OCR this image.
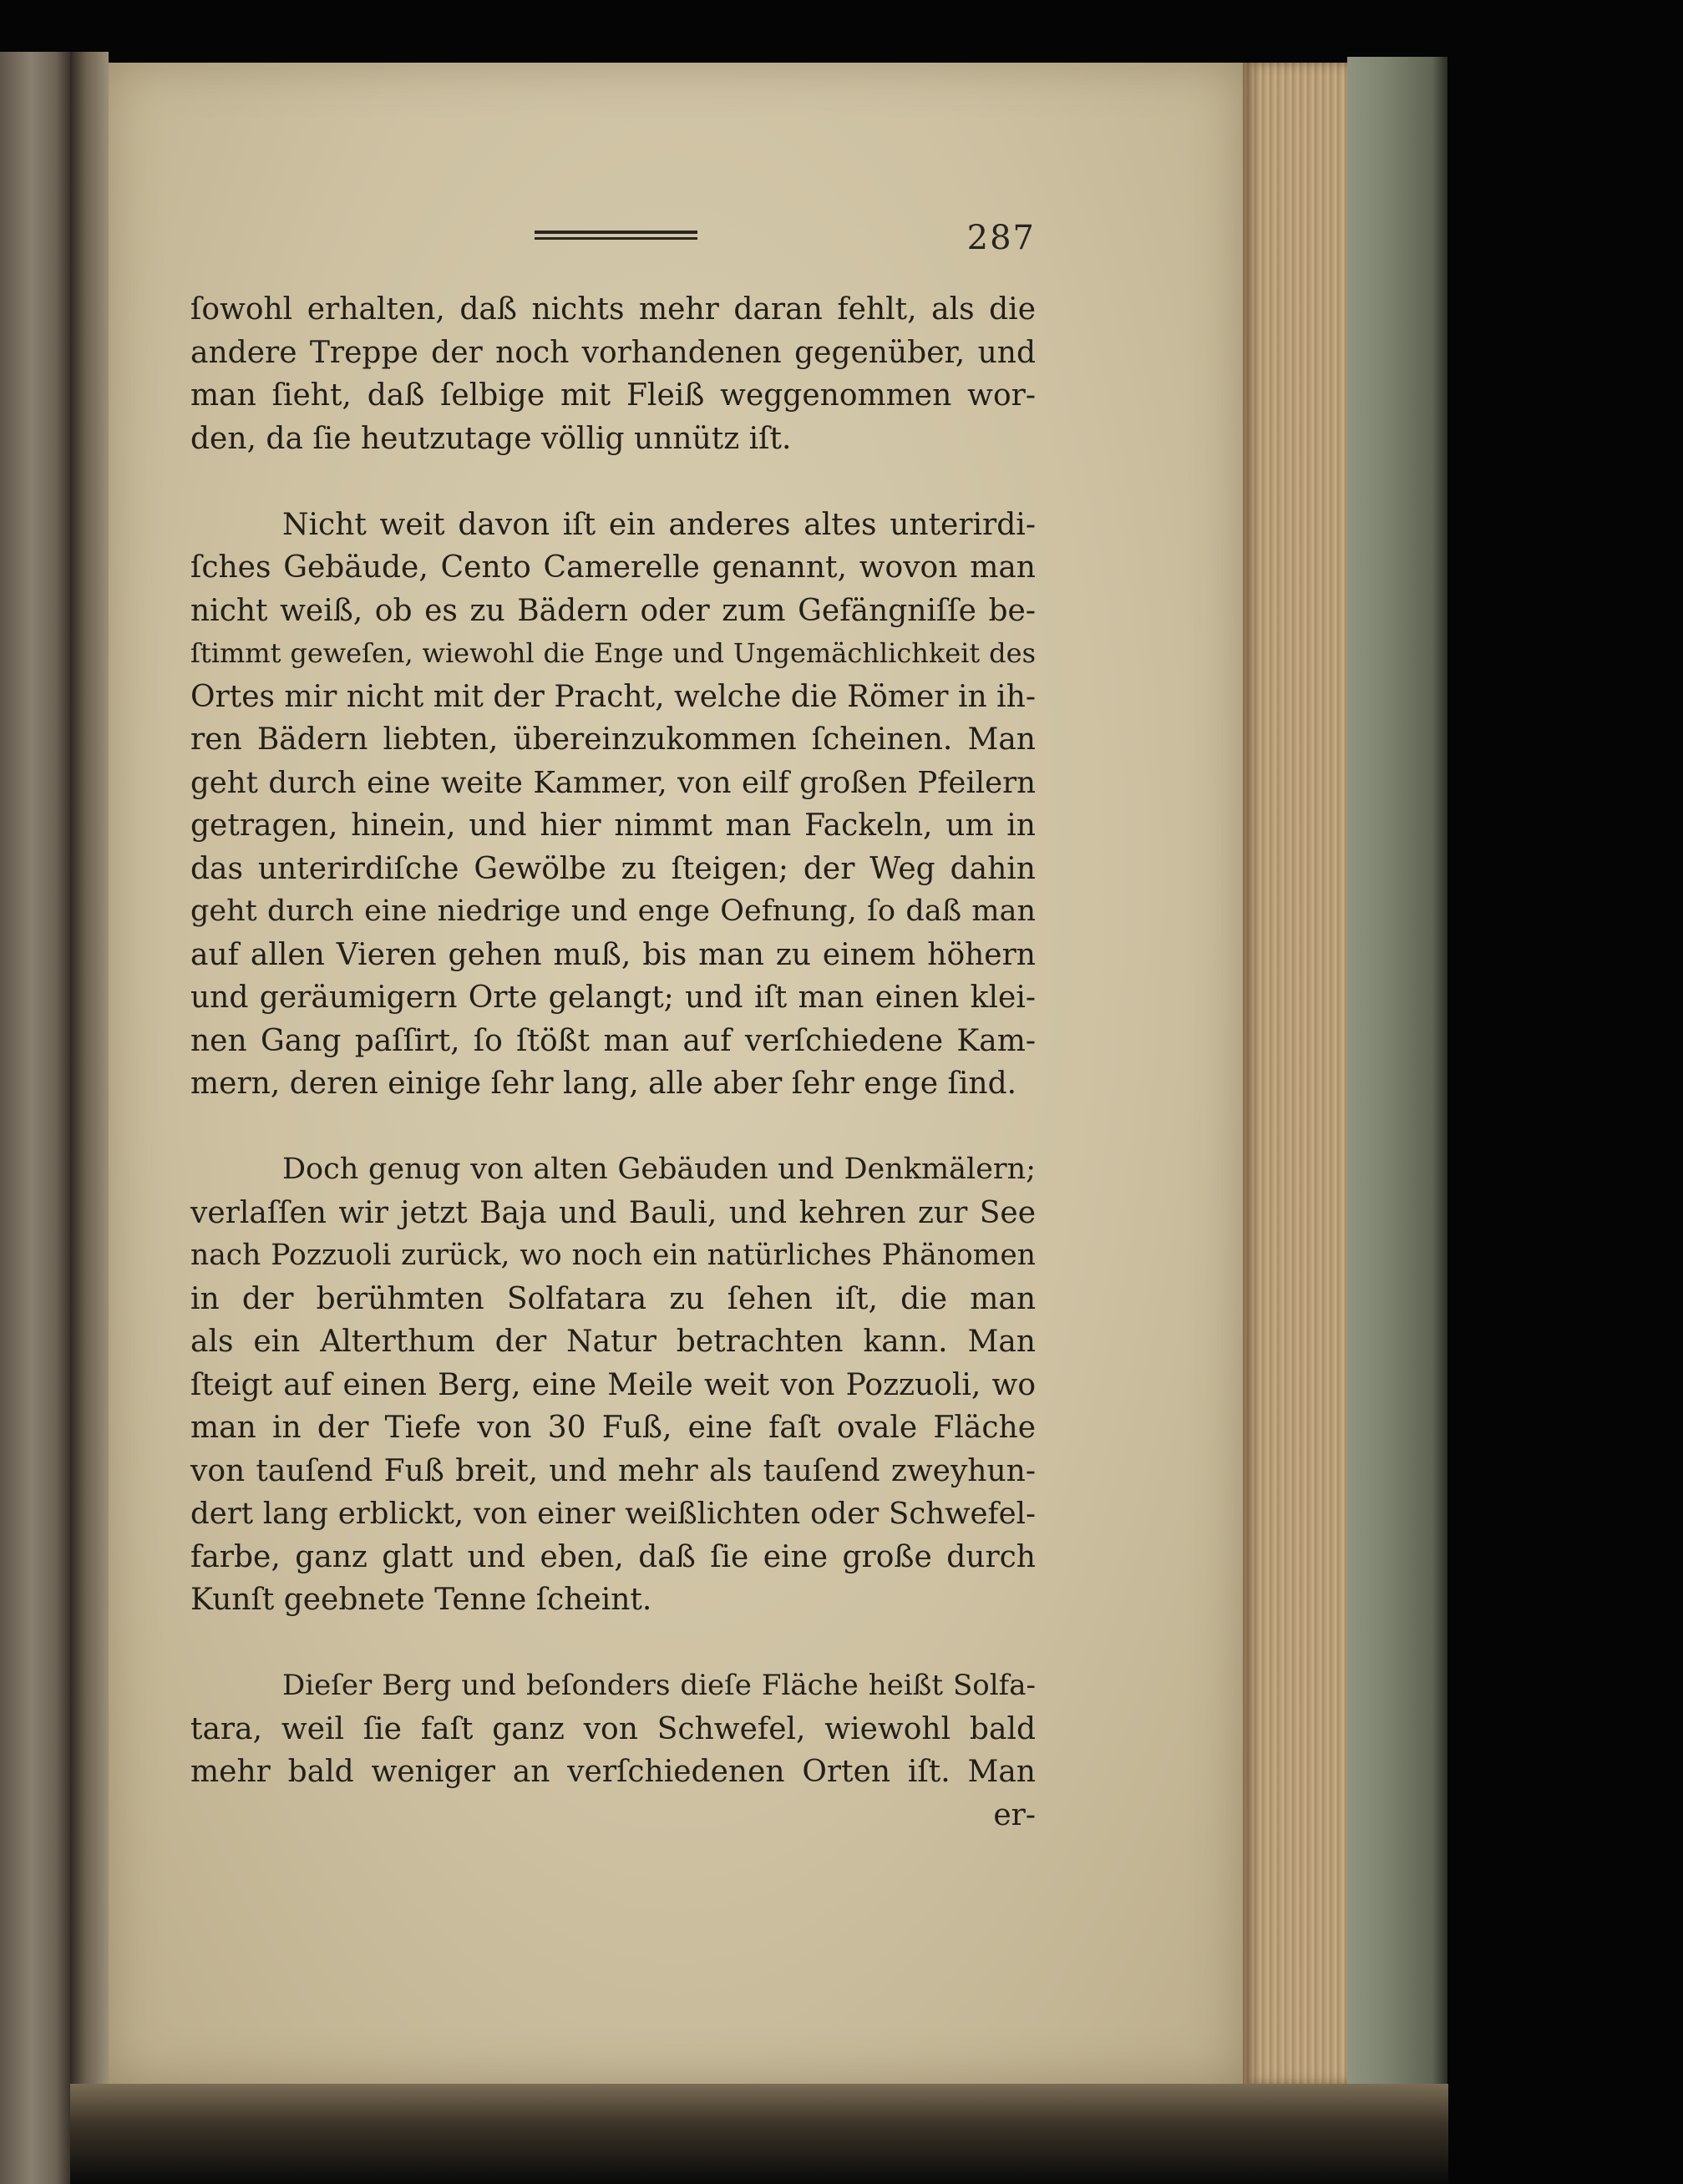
287
ſowohl erhalten, daß nichts mehr daran fehlt, als die
andere Treppe der noch vorhandenen gegenüber, und
man ſieht, daß ſelbige mit Fleiß weggenommen wor‑
den, da ſie heutzutage völlig unnütz iſt.
Nicht weit davon iſt ein anderes altes unterirdi‑
ſches Gebäude, Cento Camerelle genannt, wovon man
nicht weiß, ob es zu Bädern oder zum Gefängniſſe be‑
ſtimmt geweſen, wiewohl die Enge und Ungemächlichkeit des
Ortes mir nicht mit der Pracht, welche die Römer in ih‑
ren Bädern liebten, übereinzukommen ſcheinen. Man
geht durch eine weite Kammer, von eilf großen Pfeilern
getragen, hinein, und hier nimmt man Fackeln, um in
das unterirdiſche Gewölbe zu ſteigen; der Weg dahin
geht durch eine niedrige und enge Oefnung, ſo daß man
auf allen Vieren gehen muß, bis man zu einem höhern
und geräumigern Orte gelangt; und iſt man einen klei‑
nen Gang paſſirt, ſo ſtößt man auf verſchiedene Kam‑
mern, deren einige ſehr lang, alle aber ſehr enge ſind.
Doch genug von alten Gebäuden und Denkmälern;
verlaſſen wir jetzt Baja und Bauli, und kehren zur See
nach Pozzuoli zurück, wo noch ein natürliches Phänomen
in der berühmten Solfatara zu ſehen iſt, die man
als ein Alterthum der Natur betrachten kann. Man
ſteigt auf einen Berg, eine Meile weit von Pozzuoli, wo
man in der Tiefe von 30 Fuß, eine faſt ovale Fläche
von tauſend Fuß breit, und mehr als tauſend zweyhun‑
dert lang erblickt, von einer weißlichten oder Schwefel‑
farbe, ganz glatt und eben, daß ſie eine große durch
Kunſt geebnete Tenne ſcheint.
Dieſer Berg und beſonders dieſe Fläche heißt Solfa‑
tara, weil ſie faſt ganz von Schwefel, wiewohl bald
mehr bald weniger an verſchiedenen Orten iſt. Man
er‑
